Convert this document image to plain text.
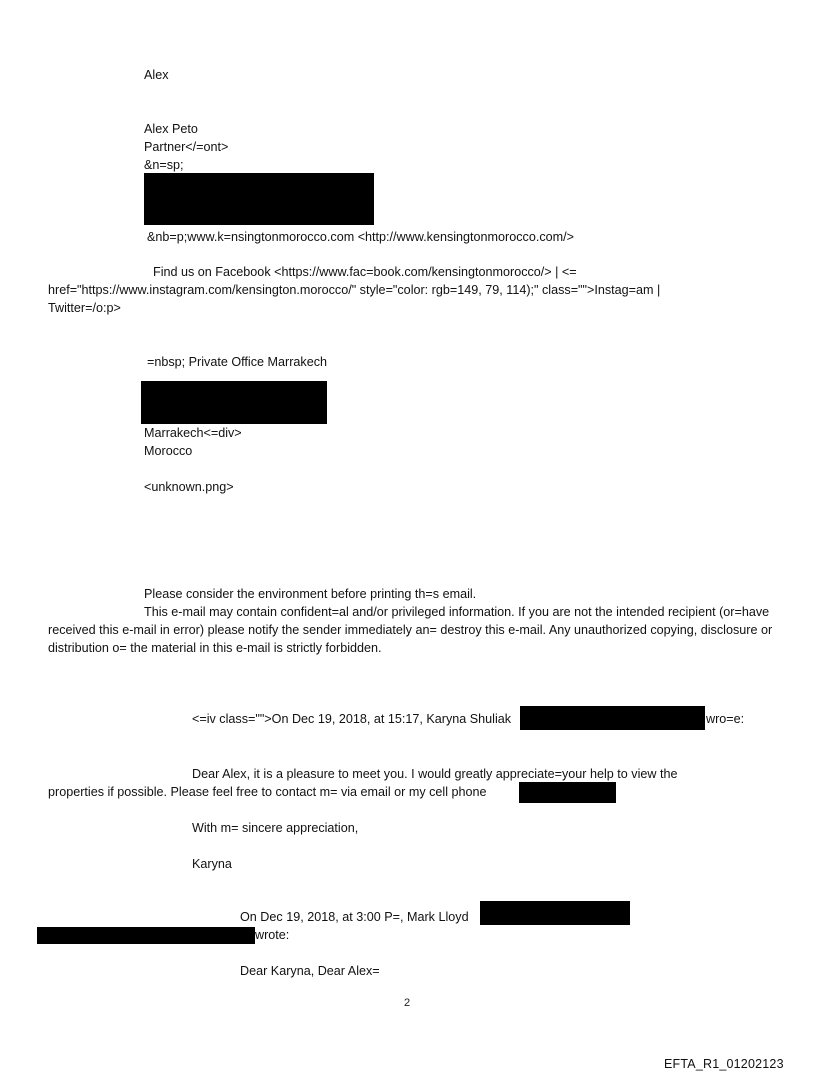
Alex
Alex Peto
Partner</=ont>
&n=sp;
&nb=p;www.k=nsingtonmorocco.com <http://www.kensingtonmorocco.com/>
Find us on Facebook <https://www.fac=book.com/kensingtonmorocco/> | <=
href="https://www.instagram.com/kensington.morocco/" style="color: rgb=149, 79, 114);" class="">Instag=am |
Twitter=/o:p>
=nbsp; Private Office Marrakech
Marrakech<=div>
Morocco
<unknown.png>
Please consider the environment before printing th=s email.
This e-mail may contain confident=al and/or privileged information. If you are not the intended recipient (or=have received this e-mail in error) please notify the sender immediately an= destroy this e-mail. Any unauthorized copying, disclosure or distribution o= the material in this e-mail is strictly forbidden.
<=iv class="">On Dec 19, 2018, at 15:17, Karyna Shuliak	wro=e:
Dear Alex, it is a pleasure to meet you. I would greatly appreciate=your help to view the
properties if possible. Please feel free to contact m= via email or my cell phone
With m= sincere appreciation,
Karyna
On Dec 19, 2018, at 3:00 P=, Mark Lloyd
wrote:
Dear Karyna, Dear Alex=
2
EFTA_R1_01202123
